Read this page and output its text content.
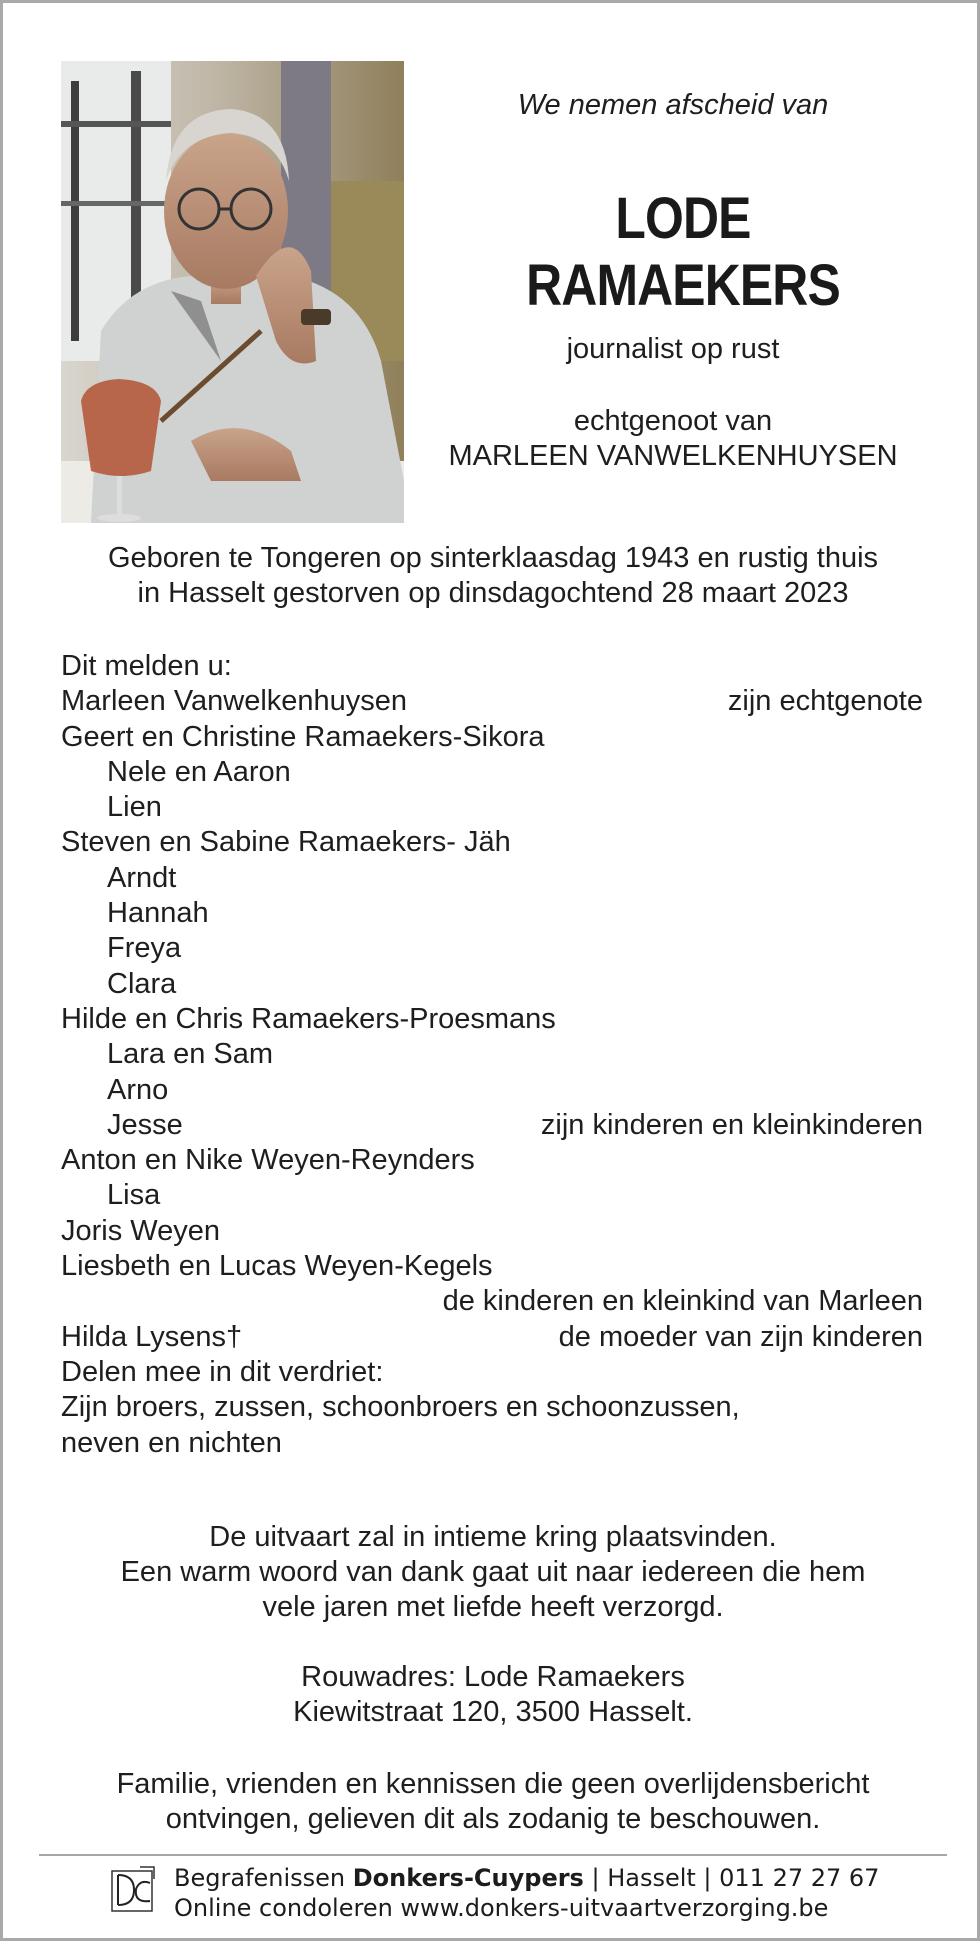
We nemen afscheid van
LODE RAMAEKERS
journalist op rust
echtgenoot van
MARLEEN VANWELKENHUYSEN
Geboren te Tongeren op sinterklaasdag 1943 en rustig thuis
in Hasselt gestorven op dinsdagochtend 28 maart 2023
Dit melden u:
Marleen Vanwelkenhuysen	zijn echtgenote
Geert en Christine Ramaekers-Sikora
Nele en Aaron
Lien
Steven en Sabine Ramaekers- Jäh
Arndt
Hannah
Freya
Clara
Hilde en Chris Ramaekers-Proesmans
Lara en Sam
Arno
Jesse	zijn kinderen en kleinkinderen
Anton en Nike Weyen-Reynders
Lisa
Joris Weyen
Liesbeth en Lucas Weyen-Kegels
de kinderen en kleinkind van Marleen
Hilda Lysens†	de moeder van zijn kinderen
Delen mee in dit verdriet:
Zijn broers, zussen, schoonbroers en schoonzussen,
neven en nichten
De uitvaart zal in intieme kring plaatsvinden.
Een warm woord van dank gaat uit naar iedereen die hem
vele jaren met liefde heeft verzorgd.
Rouwadres: Lode Ramaekers
Kiewitstraat 120, 3500 Hasselt.
Familie, vrienden en kennissen die geen overlijdensbericht
ontvingen, gelieven dit als zodanig te beschouwen.
Begrafenissen Donkers-Cuypers | Hasselt | 011 27 27 67
Online condoleren www.donkers-uitvaartverzorging.be
